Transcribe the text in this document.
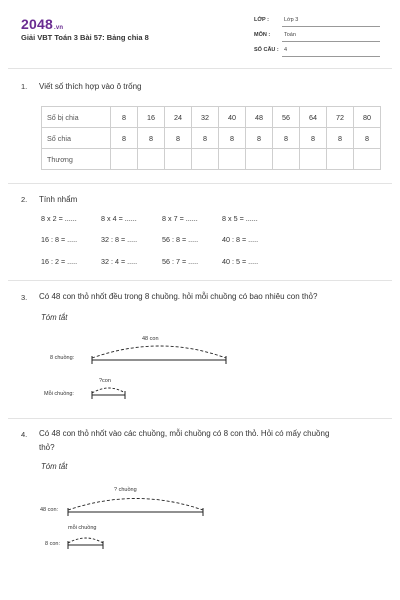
2048.vn
Giải VBT Toán 3 Bài 57: Bảng chia 8
LỚP :	Lớp 3
MÔN :	Toán
SỐ CÂU : 4
1. Viết số thích hợp vào ô trống
Số bị chia	8	16	24	32	40	48	56	64	72	80
Số chia	8	8	8	8	8	8	8	8	8	8
Thương										
2. Tính nhẩm
8 x 2 = ......	8 x 4 = ......	8 x 7 = ......	8 x 5 = ......
16 : 8 = .....	32 : 8 = .....	56 : 8 = .....	40 : 8 = .....
16 : 2 = .....	32 : 4 = .....	56 : 7 = .....	40 : 5 = .....
3. Có 48 con thỏ nhốt đều trong 8 chuồng. hỏi mỗi chuồng có bao nhiêu con thỏ?
Tóm tắt
48 con
8 chuồng:
?con
Mỗi chuồng:
4. Có 48 con thỏ nhốt vào các chuồng, mỗi chuồng có 8 con thỏ. Hỏi có mấy chuồng
thỏ?
Tóm tắt
? chuồng
48 con:
mỗi chuồng
8 con:
